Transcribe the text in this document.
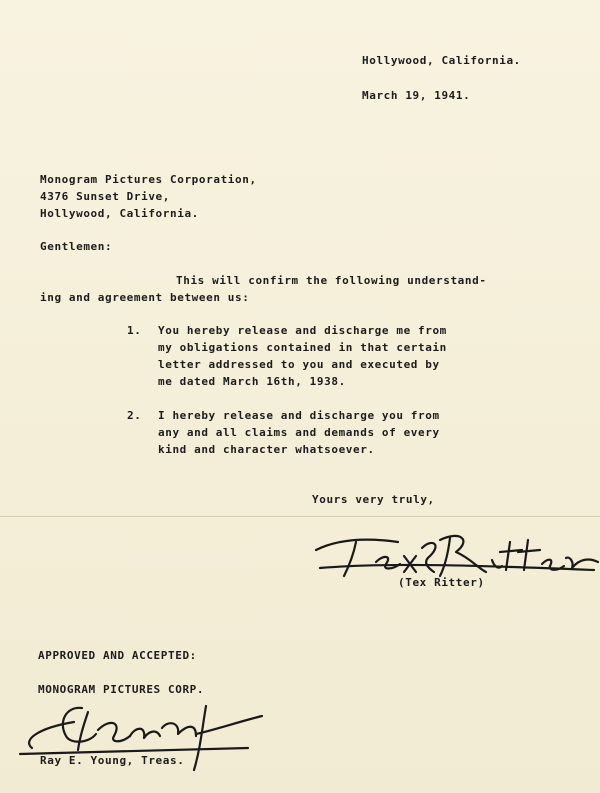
Hollywood, California.
March 19, 1941.
Monogram Pictures Corporation,
4376 Sunset Drive,
Hollywood, California.
Gentlemen:
This will confirm the following understand-
ing and agreement between us:
1. You hereby release and discharge me from
my obligations contained in that certain
letter addressed to you and executed by
me dated March 16th, 1938.
2. I hereby release and discharge you from
any and all claims and demands of every
kind and character whatsoever.
Yours very truly,
Tex Ritter
(Tex Ritter)
APPROVED AND ACCEPTED:
MONOGRAM PICTURES CORP.
Ray E. Young, Treas.
